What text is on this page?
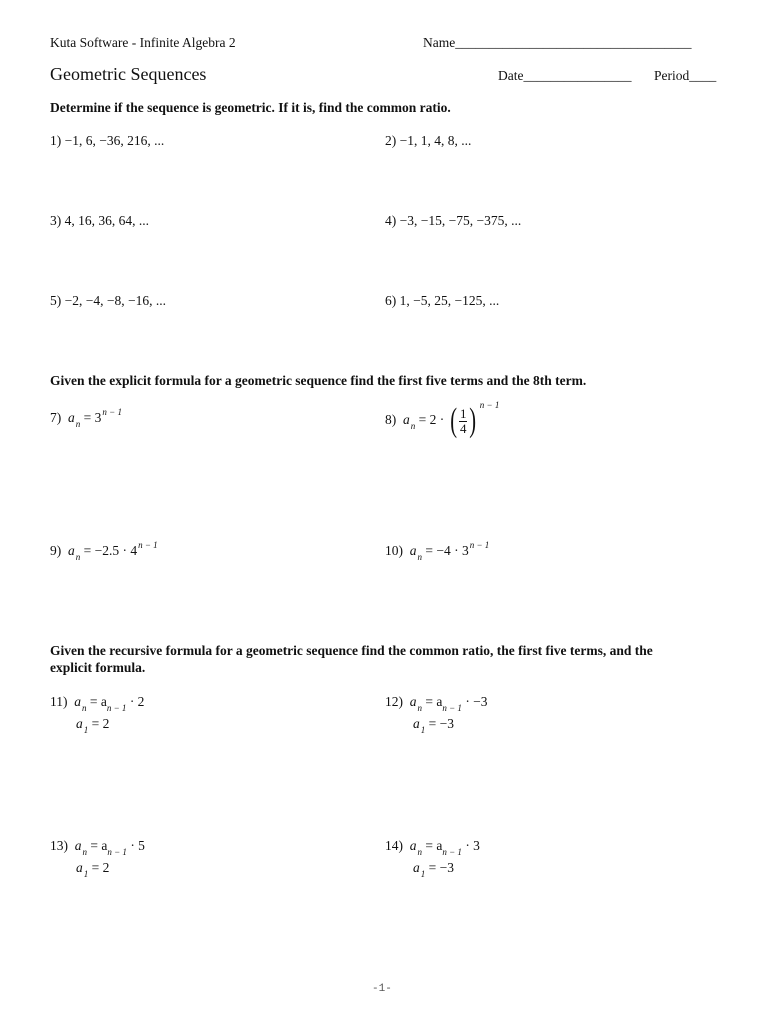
Kuta Software - Infinite Algebra 2	Name___________________________________
Geometric Sequences	Date________________ Period____
Determine if the sequence is geometric. If it is, find the common ratio.
1) −1, 6, −36, 216, ...	2) −1, 1, 4, 8, ...
3) 4, 16, 36, 64, ...	4) −3, −15, −75, −375, ...
5) −2, −4, −8, −16, ...	6) 1, −5, 25, −125, ...
Given the explicit formula for a geometric sequence find the first five terms and the 8th term.
7) $a_n = 3^{n - 1}$
8) $a_n = 2$ · ( $\frac{1}{4}$ ) $^{n - 1}$
9) $a_n = -2.5 \cdot 4^{n - 1}$	10) $a_n = -4 \cdot 3^{n - 1}$
Given the recursive formula for a geometric sequence find the common ratio, the first five terms, and the
explicit formula.
11) $a_n = a_{n - 1} \cdot 2$
$a_1 = 2$
12) $a_n = a_{n - 1} \cdot -3$
$a_1 = -3$
13) $a_n = a_{n - 1} \cdot 5$
$a_1 = 2$
14) $a_n = a_{n - 1} \cdot 3$
$a_1 = -3$
-1-
